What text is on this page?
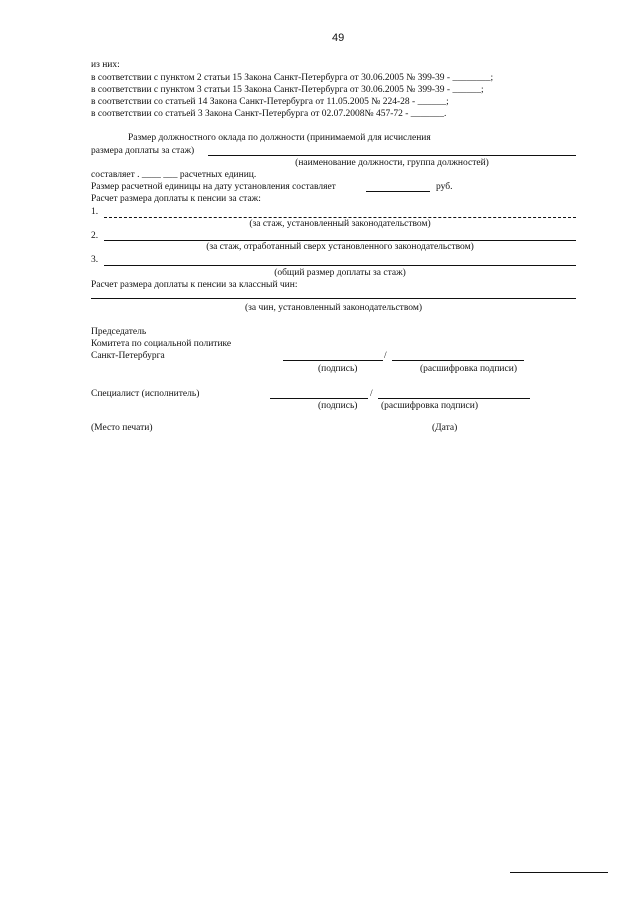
49
из них:
в соответствии с пунктом 2 статьи 15 Закона Санкт-Петербурга от 30.06.2005 № 399-39 - ________;
в соответствии с пунктом 3 статьи 15 Закона Санкт-Петербурга от 30.06.2005 № 399-39 - ______;
в соответствии со статьей 14 Закона Санкт-Петербурга от 11.05.2005 № 224-28 - ______;
в соответствии со статьей 3 Закона Санкт-Петербурга от 02.07.2008№ 457-72 - _______.
Размер должностного оклада по должности (принимаемой для исчисления
размера доплаты за стаж)
(наименование должности, группа должностей)
составляет . ____ ___ расчетных единиц.
Размер расчетной единицы на дату установления составляет	руб.
Расчет размера доплаты к пенсии за стаж:
1.
(за стаж, установленный законодательством)
2.
(за стаж, отработанный сверх установленного законодательством)
3.
(общий размер доплаты за стаж)
Расчет размера доплаты к пенсии за классный чин:
(за чин, установленный законодательством)
Председатель
Комитета по социальной политике
Санкт-Петербурга	/
(подпись)	(расшифровка подписи)
Специалист (исполнитель)	/
(подпись) (расшифровка подписи)
(Место печати)	(Дата)
